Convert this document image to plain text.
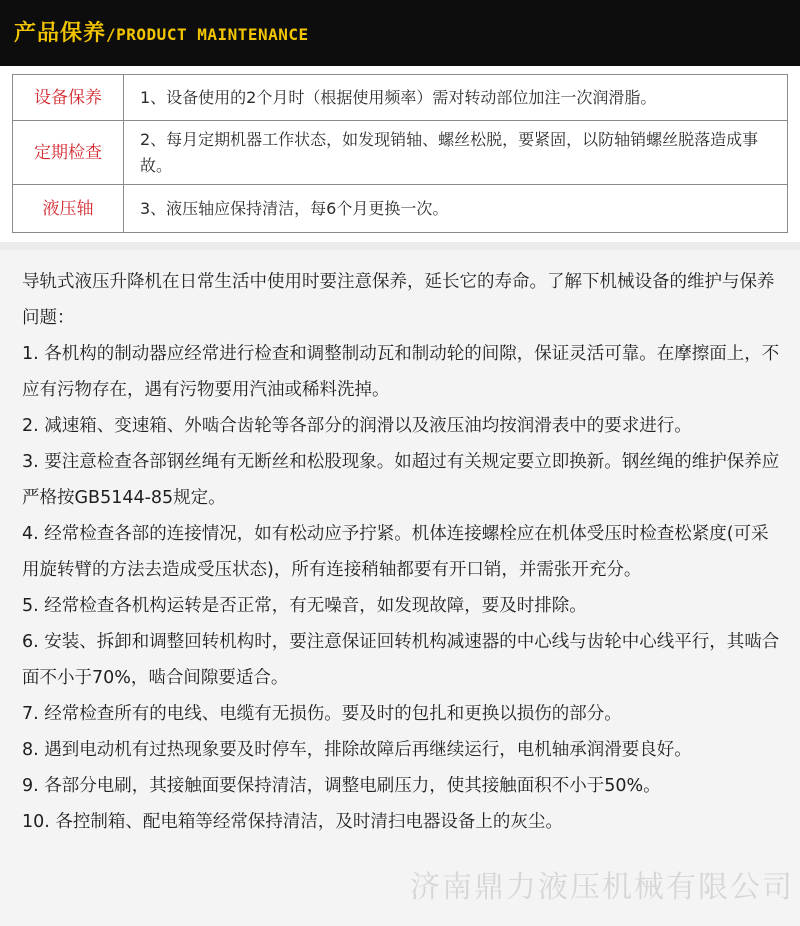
产品保养/PRODUCT MAINTENANCE
设备保养	1、设备使用的2个月时（根据使用频率）需对转动部位加注一次润滑脂。
定期检查	2、每月定期机器工作状态，如发现销轴、螺丝松脱，要紧固，以防轴销螺丝脱落造成事故。
液压轴	3、液压轴应保持清洁，每6个月更换一次。

导轨式液压升降机在日常生活中使用时要注意保养，延长它的寿命。了解下机械设备的维护与保养问题：

1. 各机构的制动器应经常进行检查和调整制动瓦和制动轮的间隙，保证灵活可靠。在摩擦面上，不应有污物存在，遇有污物要用汽油或稀料洗掉。

2. 减速箱、变速箱、外啮合齿轮等各部分的润滑以及液压油均按润滑表中的要求进行。

3. 要注意检查各部钢丝绳有无断丝和松股现象。如超过有关规定要立即换新。钢丝绳的维护保养应严格按GB5144-85规定。

4. 经常检查各部的连接情况，如有松动应予拧紧。机体连接螺栓应在机体受压时检查松紧度(可采用旋转臂的方法去造成受压状态)，所有连接稍轴都要有开口销，并需张开充分。

5. 经常检查各机构运转是否正常，有无噪音，如发现故障，要及时排除。

6. 安装、拆卸和调整回转机构时，要注意保证回转机构减速器的中心线与齿轮中心线平行，其啮合面不小于70%，啮合间隙要适合。

7. 经常检查所有的电线、电缆有无损伤。要及时的包扎和更换以损伤的部分。

8. 遇到电动机有过热现象要及时停车，排除故障后再继续运行，电机轴承润滑要良好。

9. 各部分电刷，其接触面要保持清洁，调整电刷压力，使其接触面积不小于50%。

10. 各控制箱、配电箱等经常保持清洁，及时清扫电器设备上的灰尘。

济南鼎力液压机械有限公司
